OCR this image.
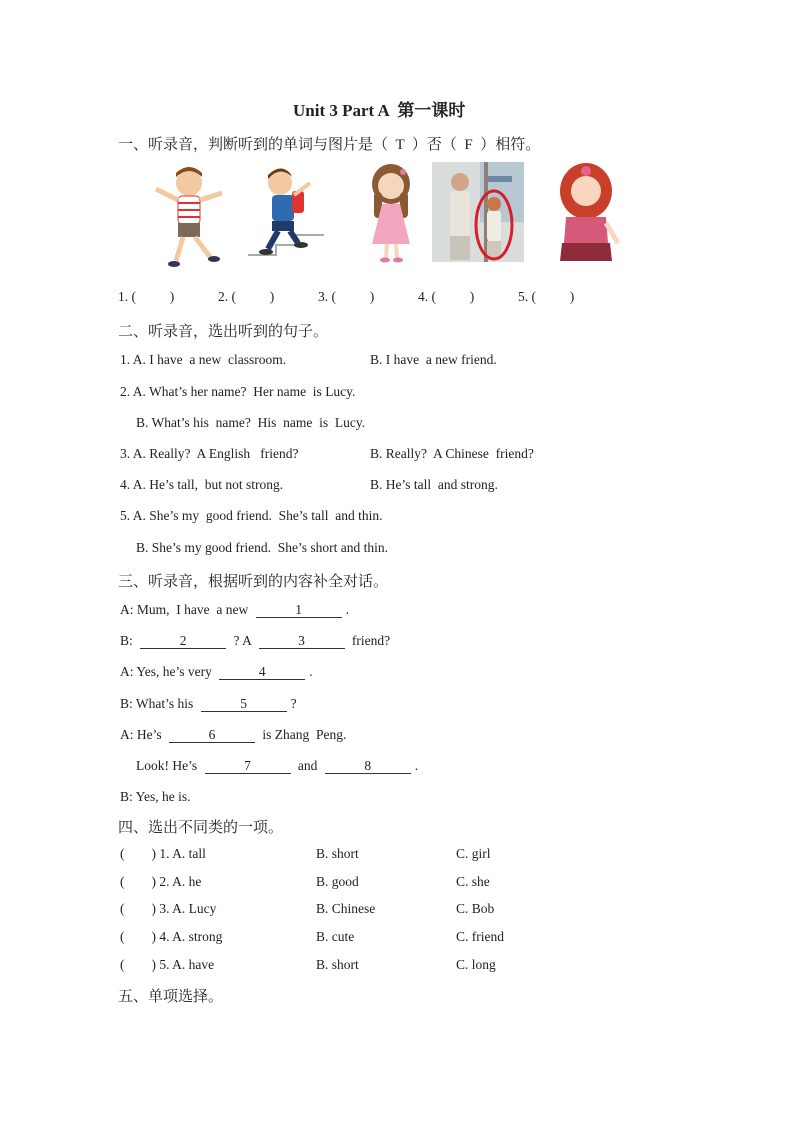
Unit 3 Part A  第一课时
一、听录音，判断听到的单词与图片是（  T  ）否（  F  ）相符。
二、听录音，选出听到的句子。
三、听录音，根据听到的内容补全对话。
四、选出不同类的一项。
五、单项选择。
1. (          )	2. (          )	3. (          )	4. (          )	5. (          )
1. A. I have  a new  classroom.	B. I have  a new friend.
2. A. What’s her name?  Her name  is Lucy.
B. What’s his  name?  His  name  is  Lucy.
3. A. Really?  A English   friend?	B. Really?  A Chinese  friend?
4. A. He’s tall,  but not strong.	B. He’s tall  and strong.
5. A. She’s my  good friend.  She’s tall  and thin.
B. She’s my good friend.  She’s short and thin.
A: Mum,  I have  a new	1	.
B:	2	? A	3	friend?
A: Yes, he’s very	4	.
B: What’s his	5	?
A: He’s	6	is Zhang  Peng.
Look! He’s	7	and	8	.
B: Yes, he is.
(        ) 1. A. tall	B. short	C. girl
(        ) 2. A. he	B. good	C. she
(        ) 3. A. Lucy	B. Chinese	C. Bob
(        ) 4. A. strong	B. cute	C. friend
(        ) 5. A. have	B. short	C. long
